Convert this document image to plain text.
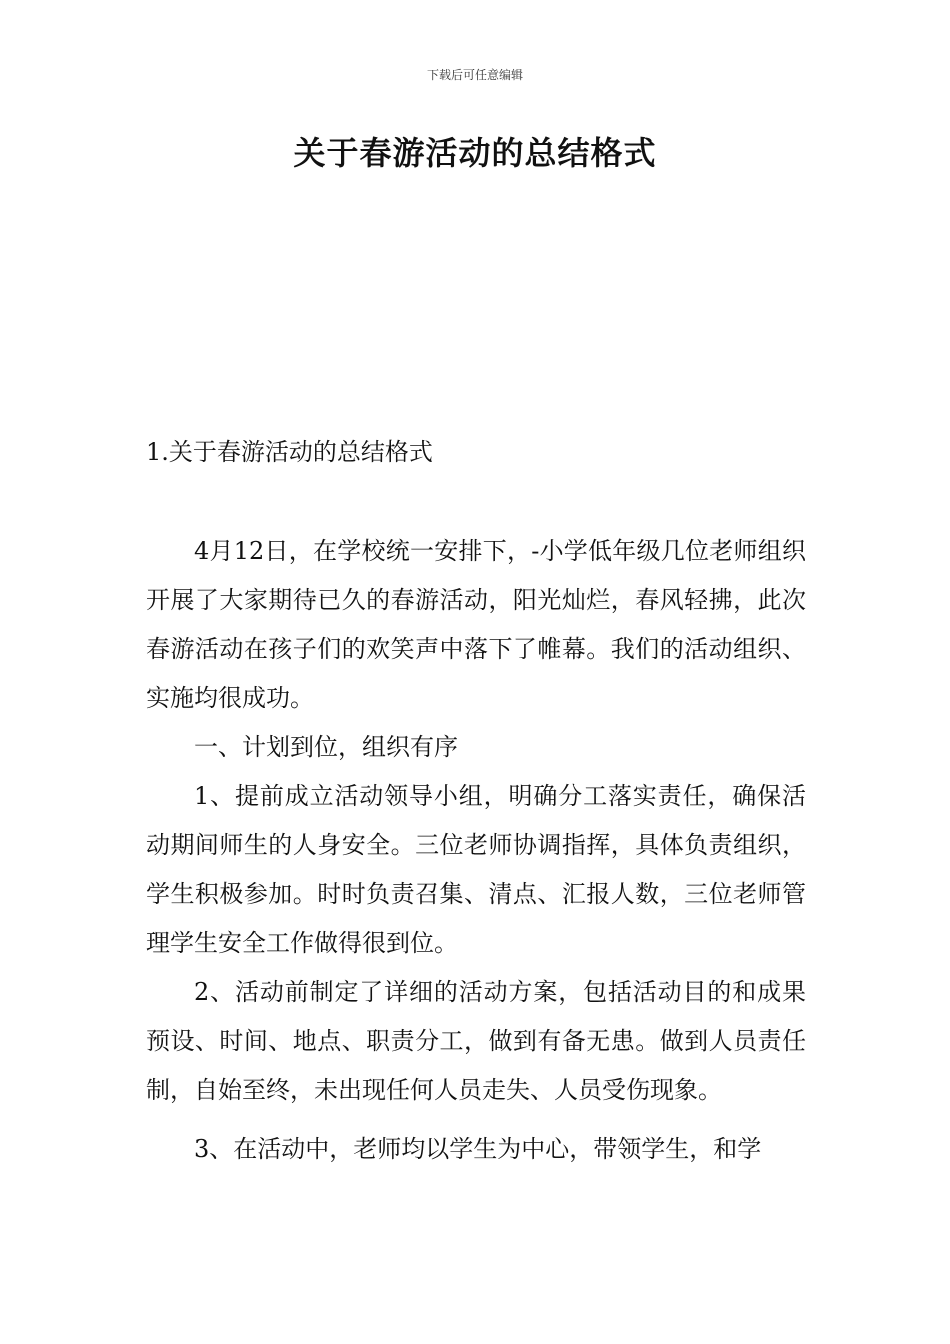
下载后可任意编辑
关于春游活动的总结格式
1.关于春游活动的总结格式

4月12日，在学校统一安排下，-小学低年级几位老师组织开展了大家期待已久的春游活动，阳光灿烂，春风轻拂，此次春游活动在孩子们的欢笑声中落下了帷幕。我们的活动组织、实施均很成功。

一、计划到位，组织有序

1、提前成立活动领导小组，明确分工落实责任，确保活动期间师生的人身安全。三位老师协调指挥，具体负责组织，学生积极参加。时时负责召集、清点、汇报人数，三位老师管理学生安全工作做得很到位。

2、活动前制定了详细的活动方案，包括活动目的和成果预设、时间、地点、职责分工，做到有备无患。做到人员责任制，自始至终，未出现任何人员走失、人员受伤现象。

3、在活动中，老师均以学生为中心，带领学生，和学
